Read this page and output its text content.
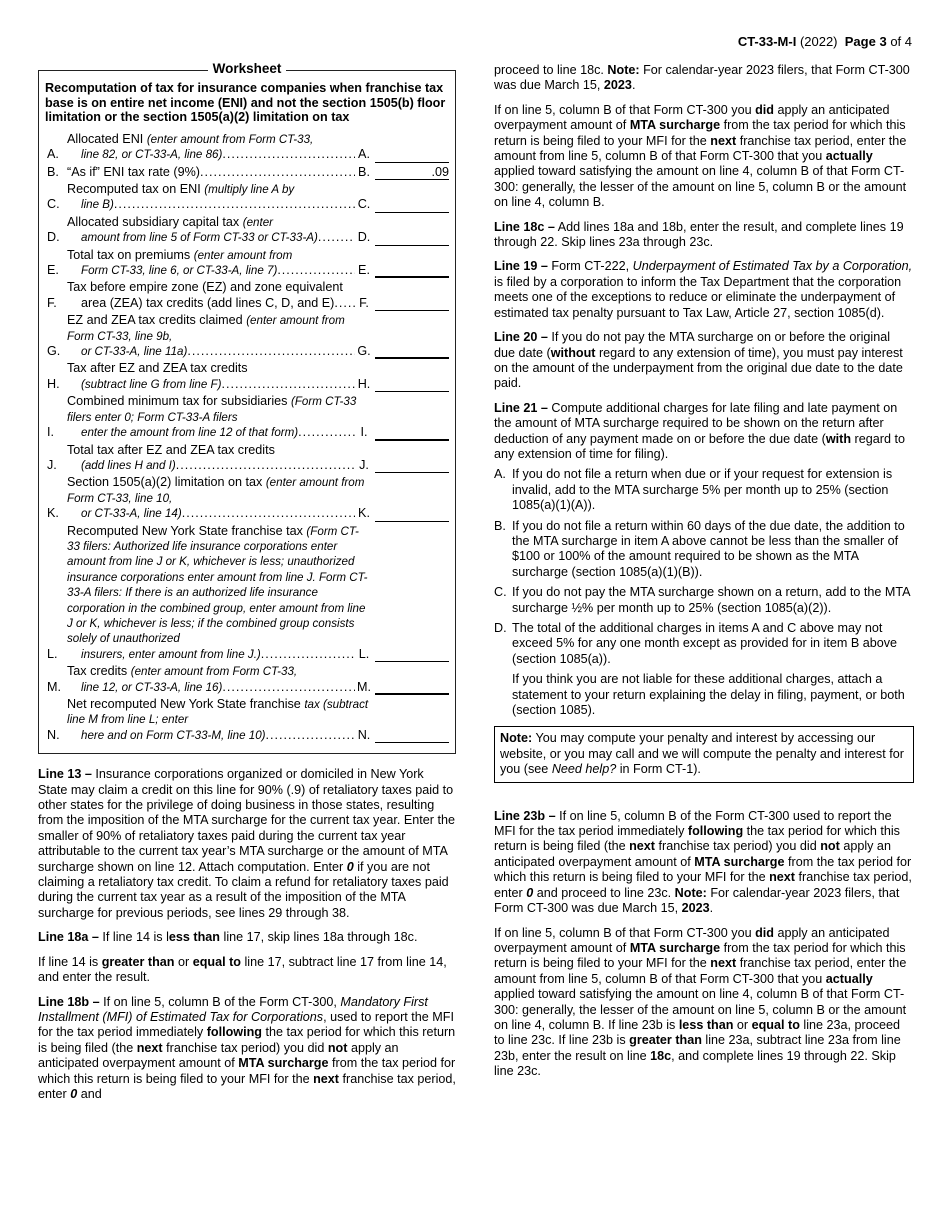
CT-33-M-I (2022) Page 3 of 4
Worksheet
Recomputation of tax for insurance companies when franchise tax base is on entire net income (ENI) and not the section 1505(b) floor limitation or the section 1505(a)(2) limitation on tax
A.
Allocated ENI (enter amount from Form CT-33,
line 82, or CT-33-A, line 86) .....	A.
B. “As if” ENI tax rate (9%) .....	B.	.09
C.
Recomputed tax on ENI (multiply line A by
line B) .....	C.
D.
Allocated subsidiary capital tax (enter
amount from line 5 of Form CT-33 or CT-33-A) .....	D.
E.
Total tax on premiums (enter amount from
Form CT-33, line 6, or CT-33-A, line 7) .....	E.
F.
Tax before empire zone (EZ) and zone equivalent
area (ZEA) tax credits (add lines C, D, and E) .....	F.
G.
EZ and ZEA tax credits claimed (enter amount from Form CT-33, line 9b,
or CT-33-A, line 11a) .....	G.
H.
Tax after EZ and ZEA tax credits
(subtract line G from line F) .....	H.
I.
Combined minimum tax for subsidiaries (Form CT-33 filers enter 0; Form CT-33-A filers
enter the amount from line 12 of that form) .....	I.
J.
Total tax after EZ and ZEA tax credits
(add lines H and I) .....	J.
K.
Section 1505(a)(2) limitation on tax (enter amount from Form CT-33, line 10,
or CT-33-A, line 14) .....	K.
L.
Recomputed New York State franchise tax (Form CT-33 filers: Authorized life insurance corporations enter amount from line J or K, whichever is less; unauthorized insurance corporations enter amount from line J. Form CT-33-A filers: If there is an authorized life insurance corporation in the combined group, enter amount from line J or K, whichever is less; if the combined group consists solely of unauthorized
insurers, enter amount from line J.) .....	L.
M.
Tax credits (enter amount from Form CT-33,
line 12, or CT-33-A, line 16) .....	M.
N.
Net recomputed New York State franchise tax (subtract line M from line L; enter
here and on Form CT-33-M, line 10) .....	N.

Line 13 – Insurance corporations organized or domiciled in New York State may claim a credit on this line for 90% (.9) of retaliatory taxes paid to other states for the privilege of doing business in those states, resulting from the imposition of the MTA surcharge for the current tax year. Enter the smaller of 90% of retaliatory taxes paid during the current tax year attributable to the current tax year’s MTA surcharge or the amount of MTA surcharge shown on line 12. Attach computation. Enter 0 if you are not claiming a retaliatory tax credit. To claim a refund for retaliatory taxes paid during the current tax year as a result of the imposition of the MTA surcharge for previous periods, see lines 29 through 38.

Line 18a – If line 14 is less than line 17, skip lines 18a through 18c.

If line 14 is greater than or equal to line 17, subtract line 17 from line 14, and enter the result.

Line 18b – If on line 5, column B of the Form CT-300, Mandatory First Installment (MFI) of Estimated Tax for Corporations, used to report the MFI for the tax period immediately following the tax period for which this return is being filed (the next franchise tax period) you did not apply an anticipated overpayment amount of MTA surcharge from the tax period for which this return is being filed to your MFI for the next franchise tax period, enter 0 and

proceed to line 18c. Note: For calendar-year 2023 filers, that Form CT-300 was due March 15, 2023.

If on line 5, column B of that Form CT-300 you did apply an anticipated overpayment amount of MTA surcharge from the tax period for which this return is being filed to your MFI for the next franchise tax period, enter the amount from line 5, column B of that Form CT-300 that you actually applied toward satisfying the amount on line 4, column B of that Form CT-300: generally, the lesser of the amount on line 5, column B or the amount on line 4, column B.

Line 18c – Add lines 18a and 18b, enter the result, and complete lines 19 through 22. Skip lines 23a through 23c.

Line 19 – Form CT-222, Underpayment of Estimated Tax by a Corporation, is filed by a corporation to inform the Tax Department that the corporation meets one of the exceptions to reduce or eliminate the underpayment of estimated tax penalty pursuant to Tax Law, Article 27, section 1085(d).

Line 20 – If you do not pay the MTA surcharge on or before the original due date (without regard to any extension of time), you must pay interest on the amount of the underpayment from the original due date to the date paid.

Line 21 – Compute additional charges for late filing and late payment on the amount of MTA surcharge required to be shown on the return after deduction of any payment made on or before the due date (with regard to any extension of time for filing).

A. If you do not file a return when due or if your request for extension is invalid, add to the MTA surcharge 5% per month up to 25% (section 1085(a)(1)(A)).
B. If you do not file a return within 60 days of the due date, the addition to the MTA surcharge in item A above cannot be less than the smaller of $100 or 100% of the amount required to be shown as the MTA surcharge (section 1085(a)(1)(B)).
C. If you do not pay the MTA surcharge shown on a return, add to the MTA surcharge ½% per month up to 25% (section 1085(a)(2)).
D. The total of the additional charges in items A and C above may not exceed 5% for any one month except as provided for in item B above (section 1085(a)).

If you think you are not liable for these additional charges, attach a statement to your return explaining the delay in filing, payment, or both (section 1085).

Note: You may compute your penalty and interest by accessing our website, or you may call and we will compute the penalty and interest for you (see Need help? in Form CT-1).

Line 23b – If on line 5, column B of the Form CT-300 used to report the MFI for the tax period immediately following the tax period for which this return is being filed (the next franchise tax period) you did not apply an anticipated overpayment amount of MTA surcharge from the tax period for which this return is being filed to your MFI for the next franchise tax period, enter 0 and proceed to line 23c. Note: For calendar-year 2023 filers, that Form CT-300 was due March 15, 2023.

If on line 5, column B of that Form CT-300 you did apply an anticipated overpayment amount of MTA surcharge from the tax period for which this return is being filed to your MFI for the next franchise tax period, enter the amount from line 5, column B of that Form CT-300 that you actually applied toward satisfying the amount on line 4, column B of that Form CT-300: generally, the lesser of the amount on line 5, column B or the amount on line 4, column B. If line 23b is less than or equal to line 23a, proceed to line 23c. If line 23b is greater than line 23a, subtract line 23a from line 23b, enter the result on line 18c, and complete lines 19 through 22. Skip line 23c.
